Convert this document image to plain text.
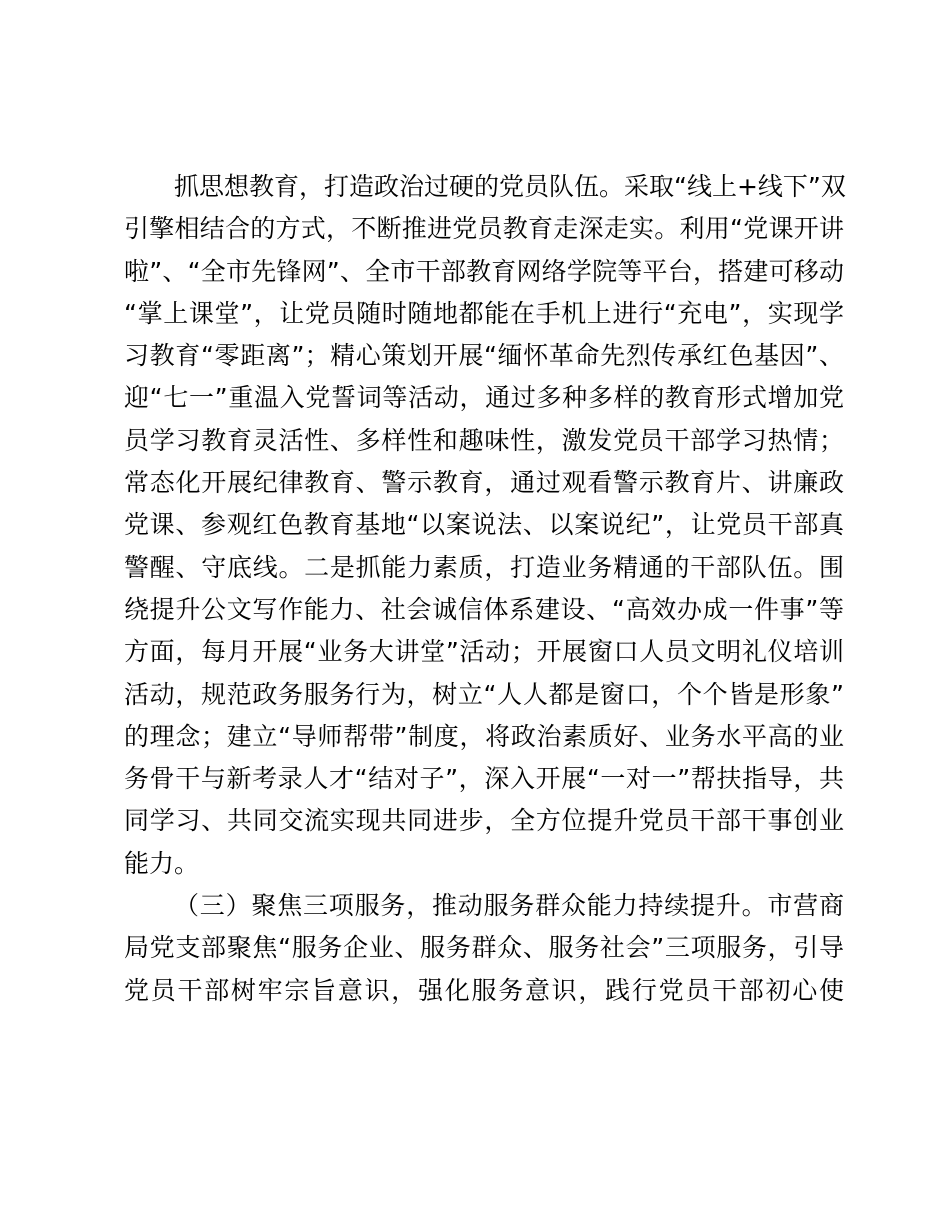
抓思想教育，打造政治过硬的党员队伍。采取“线上+线下”双
引擎相结合的方式，不断推进党员教育走深走实。利用“党课开讲
啦”、“全市先锋网”、全市干部教育网络学院等平台，搭建可移动
“掌上课堂”，让党员随时随地都能在手机上进行“充电”，实现学
习教育“零距离”；精心策划开展“缅怀革命先烈传承红色基因”、
迎“七一”重温入党誓词等活动，通过多种多样的教育形式增加党
员学习教育灵活性、多样性和趣味性，激发党员干部学习热情；
常态化开展纪律教育、警示教育，通过观看警示教育片、讲廉政
党课、参观红色教育基地“以案说法、以案说纪”，让党员干部真
警醒、守底线。二是抓能力素质，打造业务精通的干部队伍。围
绕提升公文写作能力、社会诚信体系建设、“高效办成一件事”等
方面，每月开展“业务大讲堂”活动；开展窗口人员文明礼仪培训
活动，规范政务服务行为，树立“人人都是窗口，个个皆是形象”
的理念；建立“导师帮带”制度，将政治素质好、业务水平高的业
务骨干与新考录人才“结对子”，深入开展“一对一”帮扶指导，共
同学习、共同交流实现共同进步，全方位提升党员干部干事创业
能力。
（三）聚焦三项服务，推动服务群众能力持续提升。市营商
局党支部聚焦“服务企业、服务群众、服务社会”三项服务，引导
党员干部树牢宗旨意识，强化服务意识，践行党员干部初心使
